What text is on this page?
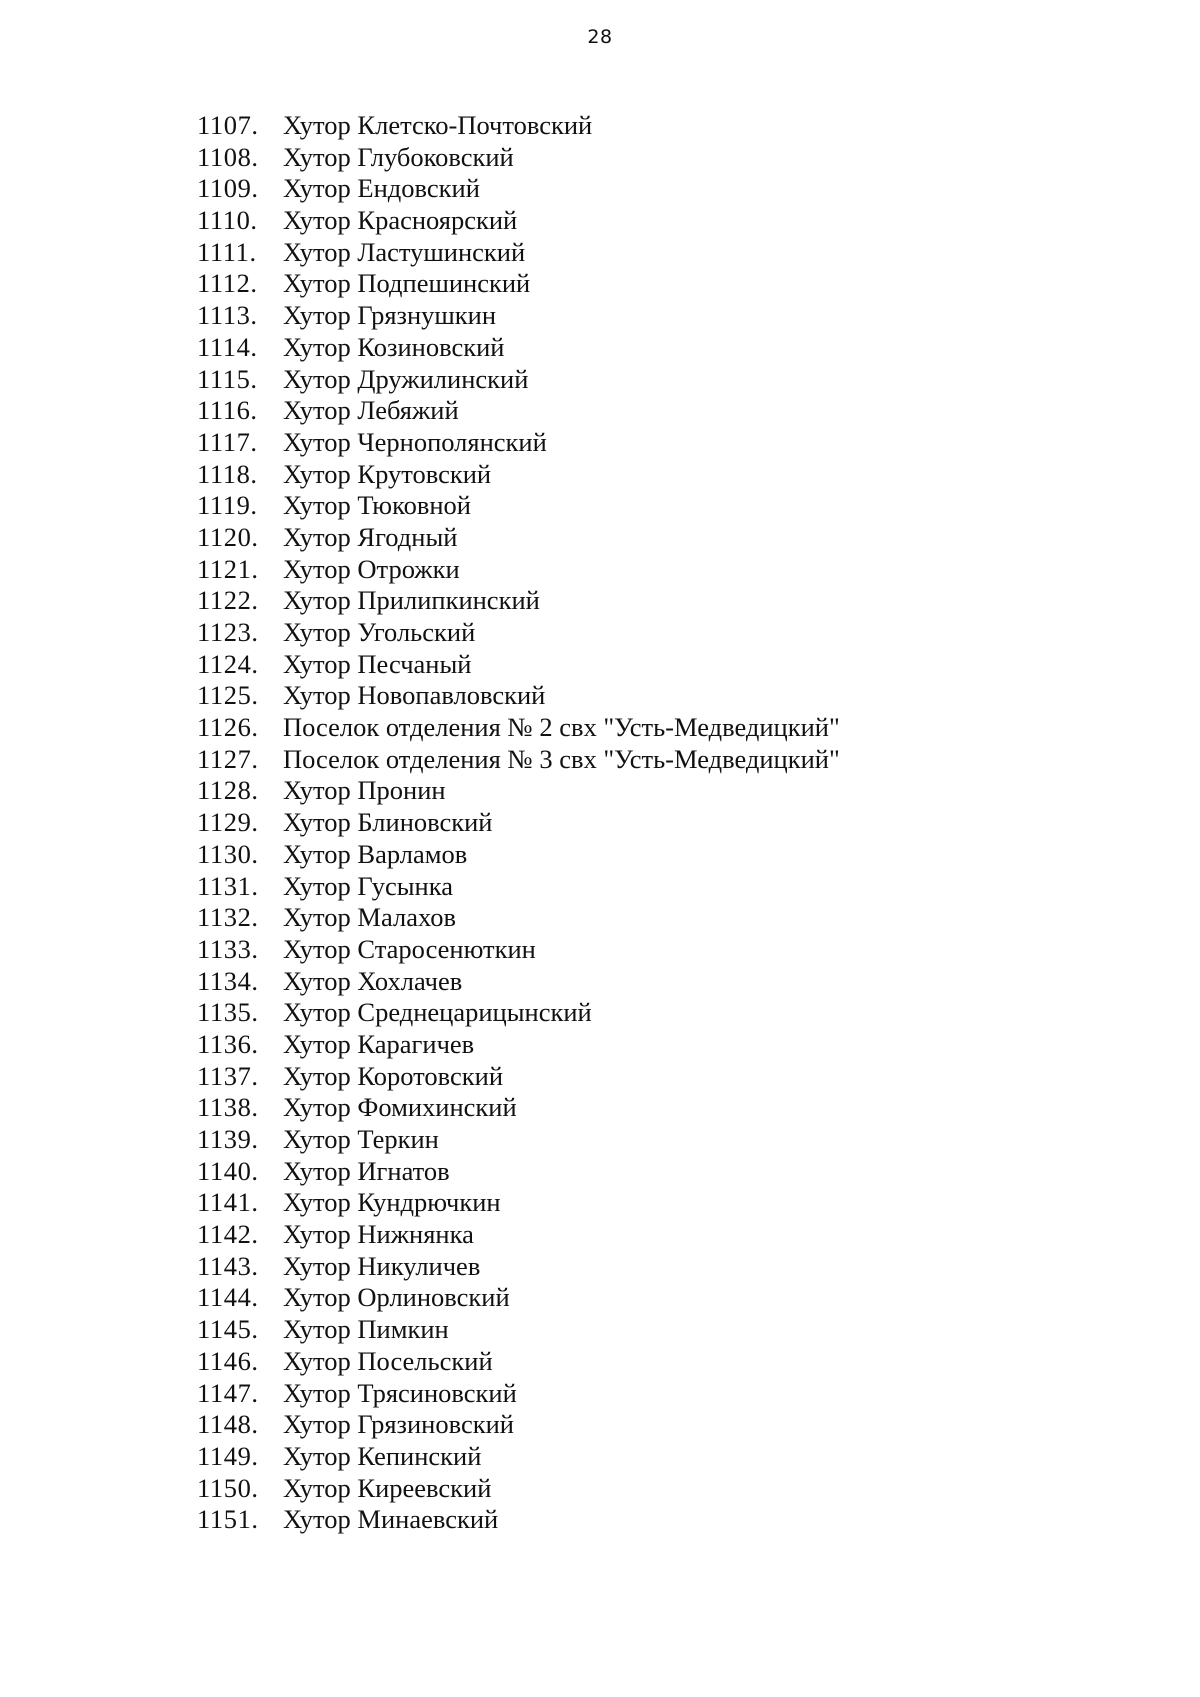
28
1107. Хутор Клетско-Почтовский
1108. Хутор Глубоковский
1109. Хутор Ендовский
1110. Хутор Красноярский
1111. Хутор Ластушинский
1112. Хутор Подпешинский
1113. Хутор Грязнушкин
1114. Хутор Козиновский
1115. Хутор Дружилинский
1116. Хутор Лебяжий
1117. Хутор Чернополянский
1118. Хутор Крутовский
1119. Хутор Тюковной
1120. Хутор Ягодный
1121. Хутор Отрожки
1122. Хутор Прилипкинский
1123. Хутор Угольский
1124. Хутор Песчаный
1125. Хутор Новопавловский
1126. Поселок отделения № 2 свх "Усть-Медведицкий"
1127. Поселок отделения № 3 свх "Усть-Медведицкий"
1128. Хутор Пронин
1129. Хутор Блиновский
1130. Хутор Варламов
1131. Хутор Гусынка
1132. Хутор Малахов
1133. Хутор Старосенюткин
1134. Хутор Хохлачев
1135. Хутор Среднецарицынский
1136. Хутор Карагичев
1137. Хутор Коротовский
1138. Хутор Фомихинский
1139. Хутор Теркин
1140. Хутор Игнатов
1141. Хутор Кундрючкин
1142. Хутор Нижнянка
1143. Хутор Никуличев
1144. Хутор Орлиновский
1145. Хутор Пимкин
1146. Хутор Посельский
1147. Хутор Трясиновский
1148. Хутор Грязиновский
1149. Хутор Кепинский
1150. Хутор Киреевский
1151. Хутор Минаевский
